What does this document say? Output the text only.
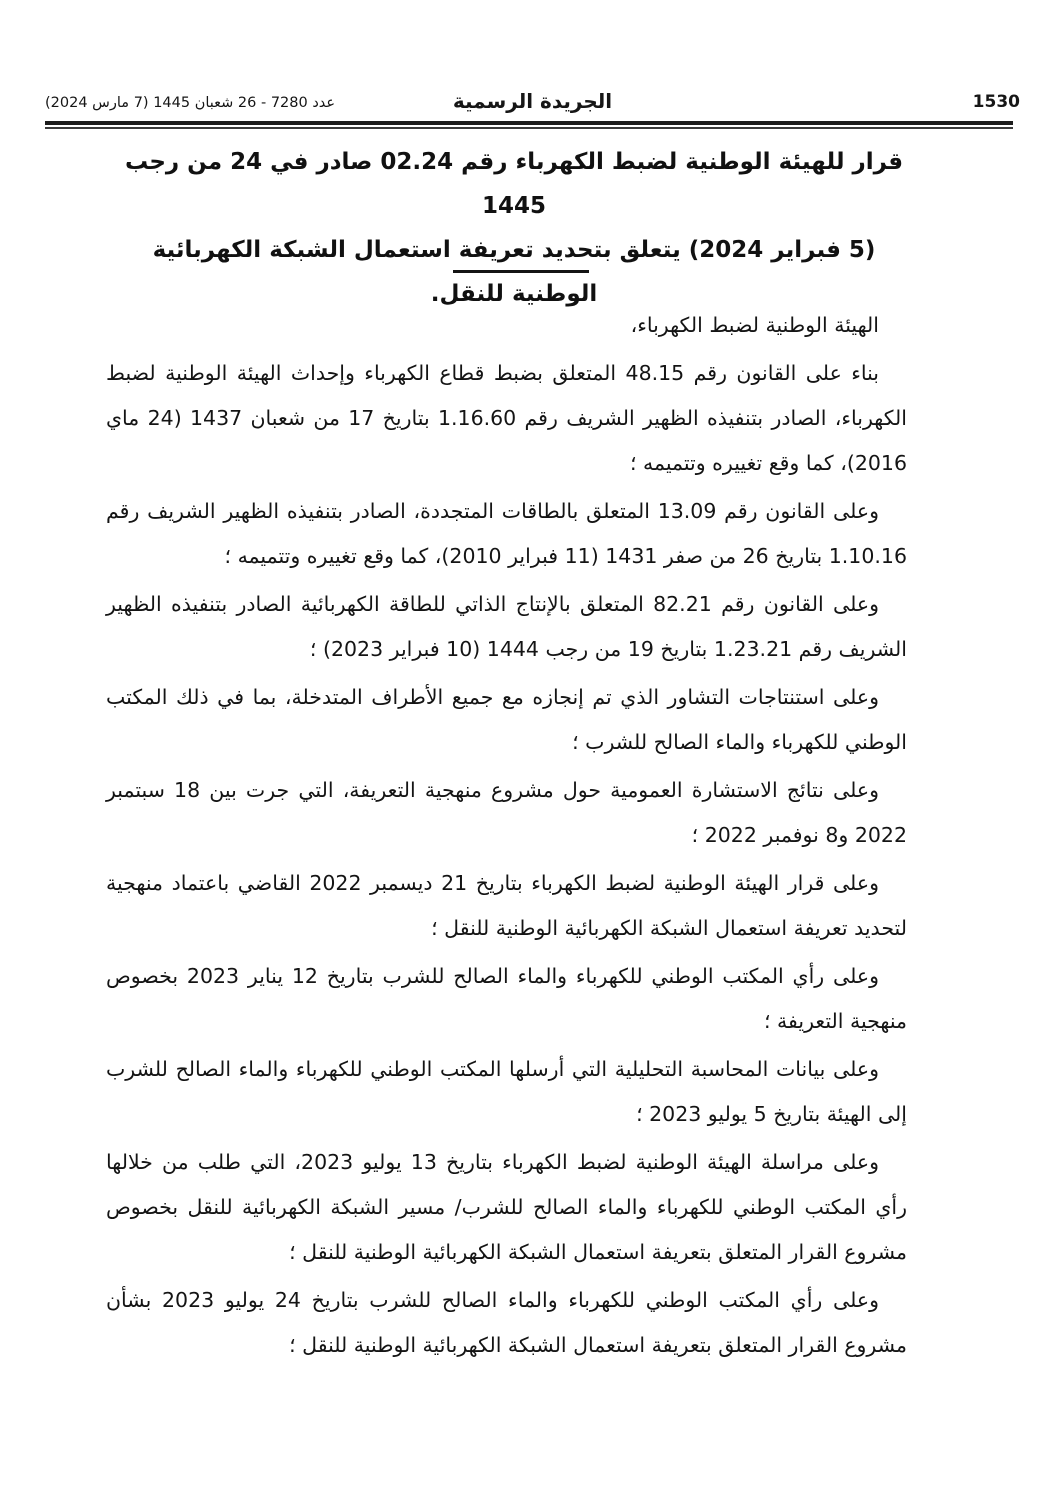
عدد 7280 - 26 شعبان 1445 (7 مارس 2024)	الجريدة الرسمية	1530
قرار للهيئة الوطنية لضبط الكهرباء رقم 02.24 صادر في 24 من رجب 1445
(5 فبراير 2024) يتعلق بتحديد تعريفة استعمال الشبكة الكهربائية
الوطنية للنقل.

الهيئة الوطنية لضبط الكهرباء،

بناء على القانون رقم 48.15 المتعلق بضبط قطاع الكهرباء وإحداث الهيئة الوطنية لضبط الكهرباء، الصادر بتنفيذه الظهير الشريف رقم 1.16.60 بتاريخ 17 من شعبان 1437 (24 ماي 2016)، كما وقع تغييره وتتميمه ؛

وعلى القانون رقم 13.09 المتعلق بالطاقات المتجددة، الصادر بتنفيذه الظهير الشريف رقم 1.10.16 بتاريخ 26 من صفر 1431 (11 فبراير 2010)، كما وقع تغييره وتتميمه ؛

وعلى القانون رقم 82.21 المتعلق بالإنتاج الذاتي للطاقة الكهربائية الصادر بتنفيذه الظهير الشريف رقم 1.23.21 بتاريخ 19 من رجب 1444 (10 فبراير 2023) ؛

وعلى استنتاجات التشاور الذي تم إنجازه مع جميع الأطراف المتدخلة، بما في ذلك المكتب الوطني للكهرباء والماء الصالح للشرب ؛

وعلى نتائج الاستشارة العمومية حول مشروع منهجية التعريفة، التي جرت بين 18 سبتمبر 2022 و8 نوفمبر 2022 ؛

وعلى قرار الهيئة الوطنية لضبط الكهرباء بتاريخ 21 ديسمبر 2022 القاضي باعتماد منهجية لتحديد تعريفة استعمال الشبكة الكهربائية الوطنية للنقل ؛

وعلى رأي المكتب الوطني للكهرباء والماء الصالح للشرب بتاريخ 12 يناير 2023 بخصوص منهجية التعريفة ؛

وعلى بيانات المحاسبة التحليلية التي أرسلها المكتب الوطني للكهرباء والماء الصالح للشرب إلى الهيئة بتاريخ 5 يوليو 2023 ؛

وعلى مراسلة الهيئة الوطنية لضبط الكهرباء بتاريخ 13 يوليو 2023، التي طلب من خلالها رأي المكتب الوطني للكهرباء والماء الصالح للشرب/ مسير الشبكة الكهربائية للنقل بخصوص مشروع القرار المتعلق بتعريفة استعمال الشبكة الكهربائية الوطنية للنقل ؛

وعلى رأي المكتب الوطني للكهرباء والماء الصالح للشرب بتاريخ 24 يوليو 2023 بشأن مشروع القرار المتعلق بتعريفة استعمال الشبكة الكهربائية الوطنية للنقل ؛
